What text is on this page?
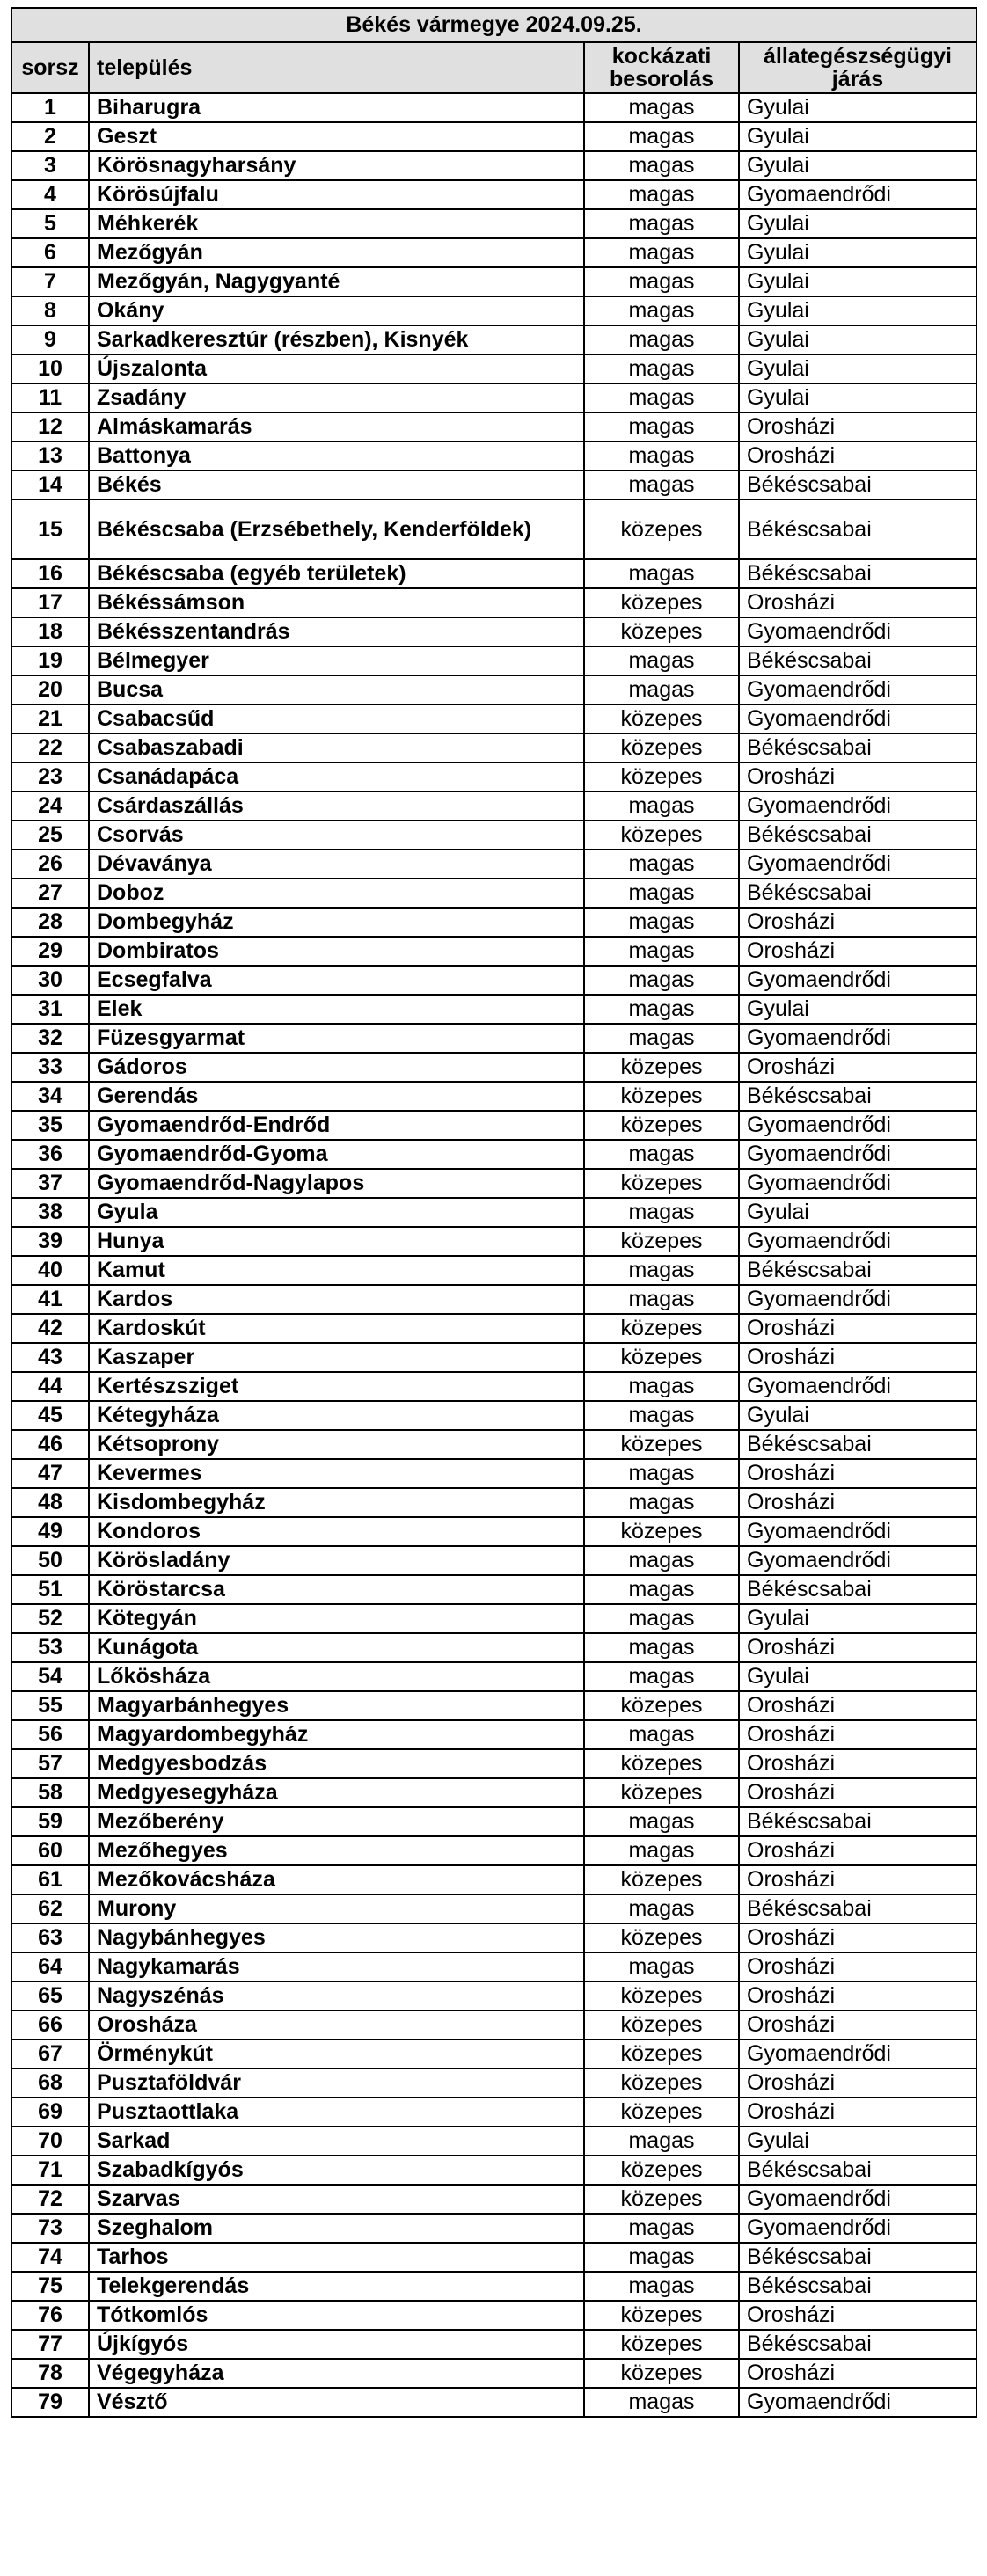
Békés vármegye 2024.09.25.			
sorsz	település	kockázati besorolás	állategészségügyi járás
1	Biharugra	magas	Gyulai
2	Geszt	magas	Gyulai
3	Körösnagyharsány	magas	Gyulai
4	Körösújfalu	magas	Gyomaendrődi
5	Méhkerék	magas	Gyulai
6	Mezőgyán	magas	Gyulai
7	Mezőgyán, Nagygyanté	magas	Gyulai
8	Okány	magas	Gyulai
9	Sarkadkeresztúr (részben), Kisnyék	magas	Gyulai
10	Újszalonta	magas	Gyulai
11	Zsadány	magas	Gyulai
12	Almáskamarás	magas	Orosházi
13	Battonya	magas	Orosházi
14	Békés	magas	Békéscsabai
15	Békéscsaba (Erzsébethely, Kenderföldek)	közepes	Békéscsabai
16	Békéscsaba (egyéb területek)	magas	Békéscsabai
17	Békéssámson	közepes	Orosházi
18	Békésszentandrás	közepes	Gyomaendrődi
19	Bélmegyer	magas	Békéscsabai
20	Bucsa	magas	Gyomaendrődi
21	Csabacsűd	közepes	Gyomaendrődi
22	Csabaszabadi	közepes	Békéscsabai
23	Csanádapáca	közepes	Orosházi
24	Csárdaszállás	magas	Gyomaendrődi
25	Csorvás	közepes	Békéscsabai
26	Dévaványa	magas	Gyomaendrődi
27	Doboz	magas	Békéscsabai
28	Dombegyház	magas	Orosházi
29	Dombiratos	magas	Orosházi
30	Ecsegfalva	magas	Gyomaendrődi
31	Elek	magas	Gyulai
32	Füzesgyarmat	magas	Gyomaendrődi
33	Gádoros	közepes	Orosházi
34	Gerendás	közepes	Békéscsabai
35	Gyomaendrőd-Endrőd	közepes	Gyomaendrődi
36	Gyomaendrőd-Gyoma	magas	Gyomaendrődi
37	Gyomaendrőd-Nagylapos	közepes	Gyomaendrődi
38	Gyula	magas	Gyulai
39	Hunya	közepes	Gyomaendrődi
40	Kamut	magas	Békéscsabai
41	Kardos	magas	Gyomaendrődi
42	Kardoskút	közepes	Orosházi
43	Kaszaper	közepes	Orosházi
44	Kertészsziget	magas	Gyomaendrődi
45	Kétegyháza	magas	Gyulai
46	Kétsoprony	közepes	Békéscsabai
47	Kevermes	magas	Orosházi
48	Kisdombegyház	magas	Orosházi
49	Kondoros	közepes	Gyomaendrődi
50	Körösladány	magas	Gyomaendrődi
51	Köröstarcsa	magas	Békéscsabai
52	Kötegyán	magas	Gyulai
53	Kunágota	magas	Orosházi
54	Lőkösháza	magas	Gyulai
55	Magyarbánhegyes	közepes	Orosházi
56	Magyardombegyház	magas	Orosházi
57	Medgyesbodzás	közepes	Orosházi
58	Medgyesegyháza	közepes	Orosházi
59	Mezőberény	magas	Békéscsabai
60	Mezőhegyes	magas	Orosházi
61	Mezőkovácsháza	közepes	Orosházi
62	Murony	magas	Békéscsabai
63	Nagybánhegyes	közepes	Orosházi
64	Nagykamarás	magas	Orosházi
65	Nagyszénás	közepes	Orosházi
66	Orosháza	közepes	Orosházi
67	Örménykút	közepes	Gyomaendrődi
68	Pusztaföldvár	közepes	Orosházi
69	Pusztaottlaka	közepes	Orosházi
70	Sarkad	magas	Gyulai
71	Szabadkígyós	közepes	Békéscsabai
72	Szarvas	közepes	Gyomaendrődi
73	Szeghalom	magas	Gyomaendrődi
74	Tarhos	magas	Békéscsabai
75	Telekgerendás	magas	Békéscsabai
76	Tótkomlós	közepes	Orosházi
77	Újkígyós	közepes	Békéscsabai
78	Végegyháza	közepes	Orosházi
79	Vésztő	magas	Gyomaendrődi
